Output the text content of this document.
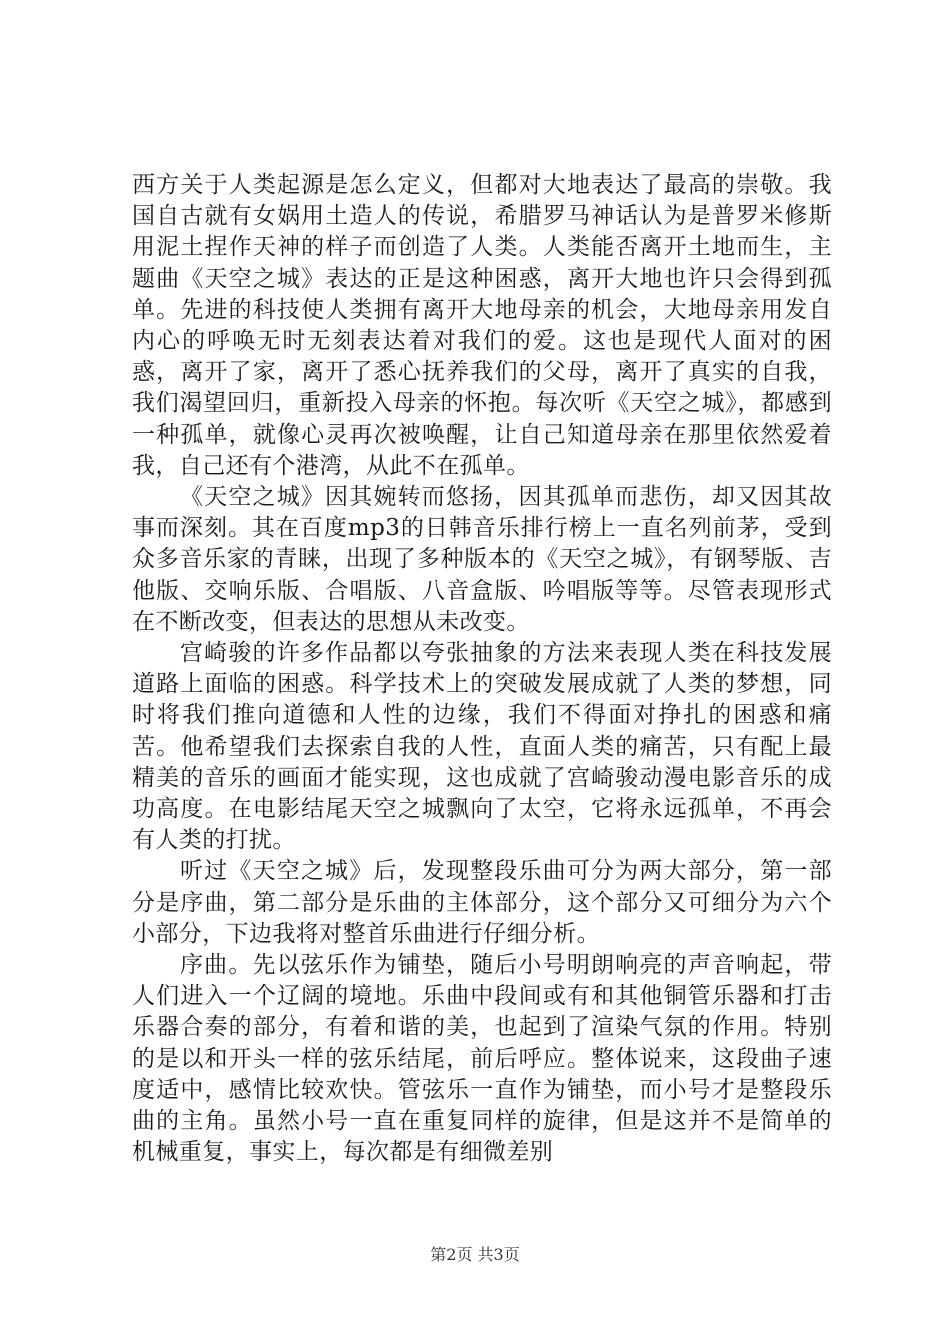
西方关于人类起源是怎么定义，但都对大地表达了最高的崇敬。我国自古就有女娲用土造人的传说，希腊罗马神话认为是普罗米修斯用泥土捏作天神的样子而创造了人类。人类能否离开土地而生，主题曲《天空之城》表达的正是这种困惑，离开大地也许只会得到孤单。先进的科技使人类拥有离开大地母亲的机会，大地母亲用发自内心的呼唤无时无刻表达着对我们的爱。这也是现代人面对的困惑，离开了家，离开了悉心抚养我们的父母，离开了真实的自我，我们渴望回归，重新投入母亲的怀抱。每次听《天空之城》，都感到一种孤单，就像心灵再次被唤醒，让自己知道母亲在那里依然爱着我，自己还有个港湾，从此不在孤单。

《天空之城》因其婉转而悠扬，因其孤单而悲伤，却又因其故事而深刻。其在百度mp3的日韩音乐排行榜上一直名列前茅，受到众多音乐家的青睐，出现了多种版本的《天空之城》，有钢琴版、吉他版、交响乐版、合唱版、八音盒版、吟唱版等等。尽管表现形式在不断改变，但表达的思想从未改变。

宫崎骏的许多作品都以夸张抽象的方法来表现人类在科技发展道路上面临的困惑。科学技术上的突破发展成就了人类的梦想，同时将我们推向道德和人性的边缘，我们不得面对挣扎的困惑和痛苦。他希望我们去探索自我的人性，直面人类的痛苦，只有配上最精美的音乐的画面才能实现，这也成就了宫崎骏动漫电影音乐的成功高度。在电影结尾天空之城飘向了太空，它将永远孤单，不再会有人类的打扰。

听过《天空之城》后，发现整段乐曲可分为两大部分，第一部分是序曲，第二部分是乐曲的主体部分，这个部分又可细分为六个小部分，下边我将对整首乐曲进行仔细分析。

序曲。先以弦乐作为铺垫，随后小号明朗响亮的声音响起，带人们进入一个辽阔的境地。乐曲中段间或有和其他铜管乐器和打击乐器合奏的部分，有着和谐的美，也起到了渲染气氛的作用。特别的是以和开头一样的弦乐结尾，前后呼应。整体说来，这段曲子速度适中，感情比较欢快。管弦乐一直作为铺垫，而小号才是整段乐曲的主角。虽然小号一直在重复同样的旋律，但是这并不是简单的机械重复，事实上，每次都是有细微差别

第2页 共3页
